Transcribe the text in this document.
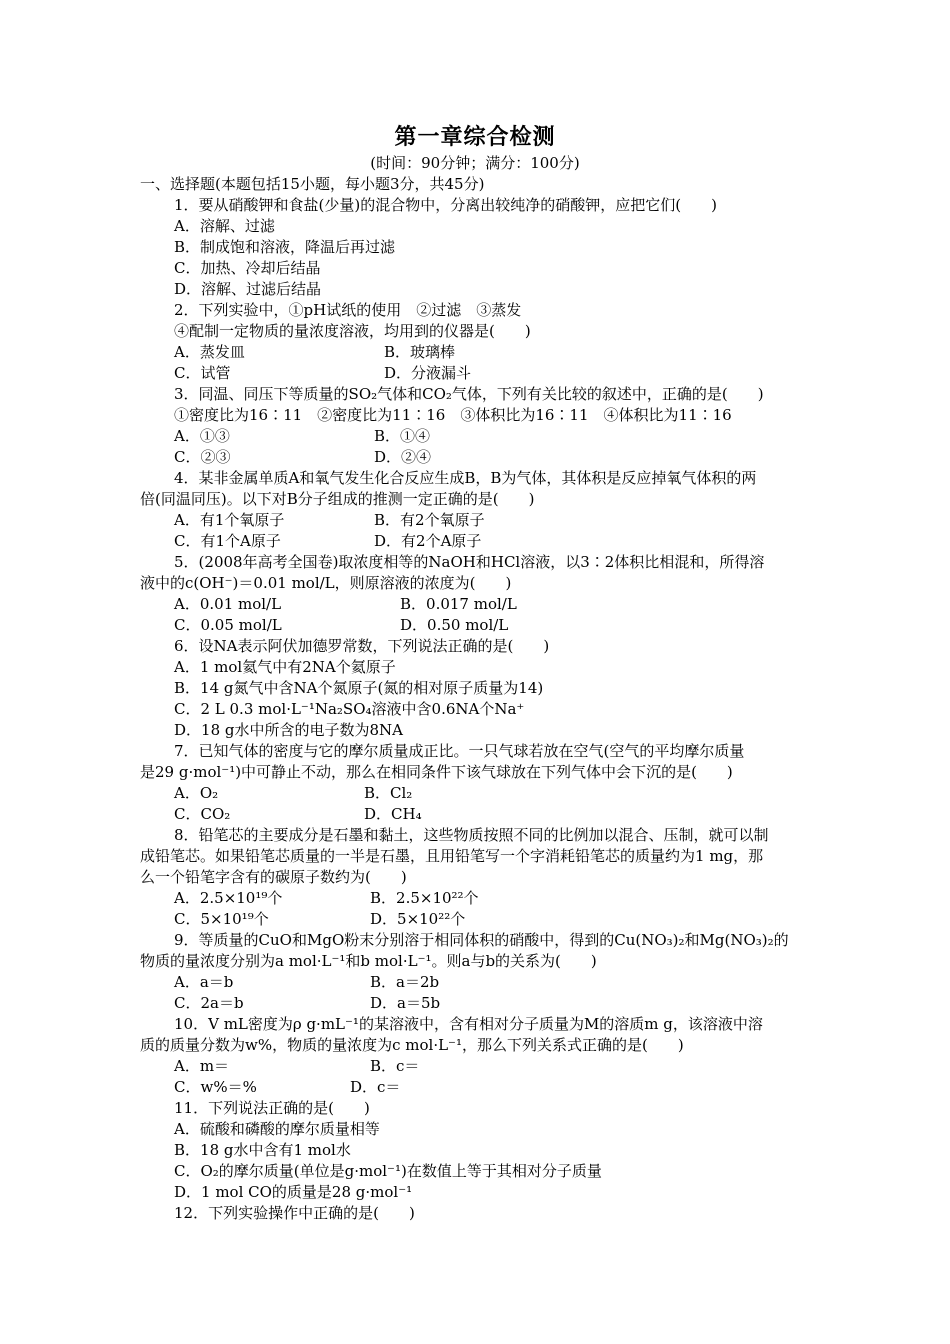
第一章综合检测
(时间：90分钟；满分：100分)
一、选择题(本题包括15小题，每小题3分，共45分)
1．要从硝酸钾和食盐(少量)的混合物中，分离出较纯净的硝酸钾，应把它们(　　)
A．溶解、过滤
B．制成饱和溶液，降温后再过滤
C．加热、冷却后结晶
D．溶解、过滤后结晶
2．下列实验中，①pH试纸的使用　②过滤　③蒸发
④配制一定物质的量浓度溶液，均用到的仪器是(　　)
A．蒸发皿	B．玻璃棒
C．试管	D．分液漏斗
3．同温、同压下等质量的SO₂气体和CO₂气体，下列有关比较的叙述中，正确的是(　　)
①密度比为16∶11　②密度比为11∶16　③体积比为16∶11　④体积比为11∶16
A．①③	B．①④
C．②③	D．②④
4．某非金属单质A和氧气发生化合反应生成B，B为气体，其体积是反应掉氧气体积的两
倍(同温同压)。以下对B分子组成的推测一定正确的是(　　)
A．有1个氧原子	B．有2个氧原子
C．有1个A原子	D．有2个A原子
5．(2008年高考全国卷)取浓度相等的NaOH和HCl溶液，以3∶2体积比相混和，所得溶
液中的c(OH⁻)＝0.01 mol/L，则原溶液的浓度为(　　)
A．0.01 mol/L	B．0.017 mol/L
C．0.05 mol/L	D．0.50 mol/L
6．设NA表示阿伏加德罗常数，下列说法正确的是(　　)
A．1 mol氦气中有2NA个氦原子
B．14 g氮气中含NA个氮原子(氮的相对原子质量为14)
C．2 L 0.3 mol·L⁻¹Na₂SO₄溶液中含0.6NA个Na⁺
D．18 g水中所含的电子数为8NA
7．已知气体的密度与它的摩尔质量成正比。一只气球若放在空气(空气的平均摩尔质量
是29 g·mol⁻¹)中可静止不动，那么在相同条件下该气球放在下列气体中会下沉的是(　　)
A．O₂	B．Cl₂
C．CO₂	D．CH₄
8．铅笔芯的主要成分是石墨和黏土，这些物质按照不同的比例加以混合、压制，就可以制
成铅笔芯。如果铅笔芯质量的一半是石墨，且用铅笔写一个字消耗铅笔芯的质量约为1 mg，那
么一个铅笔字含有的碳原子数约为(　　)
A．2.5×10¹⁹个	B．2.5×10²²个
C．5×10¹⁹个	D．5×10²²个
9．等质量的CuO和MgO粉末分别溶于相同体积的硝酸中，得到的Cu(NO₃)₂和Mg(NO₃)₂的
物质的量浓度分别为a mol·L⁻¹和b mol·L⁻¹。则a与b的关系为(　　)
A．a＝b	B．a＝2b
C．2a＝b	D．a＝5b
10．V mL密度为ρ g·mL⁻¹的某溶液中，含有相对分子质量为M的溶质m g，该溶液中溶
质的质量分数为w%，物质的量浓度为c mol·L⁻¹，那么下列关系式正确的是(　　)
A．m＝	B．c＝
C．w%＝%	D．c＝
11．下列说法正确的是(　　)
A．硫酸和磷酸的摩尔质量相等
B．18 g水中含有1 mol水
C．O₂的摩尔质量(单位是g·mol⁻¹)在数值上等于其相对分子质量
D．1 mol CO的质量是28 g·mol⁻¹
12．下列实验操作中正确的是(　　)
